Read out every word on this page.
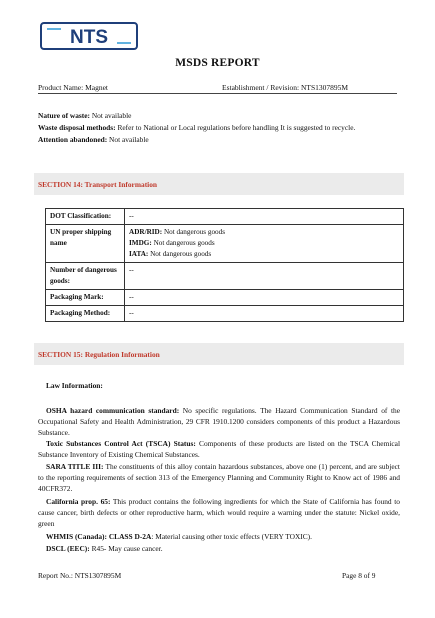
NTS
MSDS REPORT
Product Name: Magnet	Establishment / Revision: NTS1307895M
Nature of waste: Not available
Waste disposal methods: Refer to National or Local regulations before handling It is suggested to recycle.
Attention abandoned: Not available
SECTION 14: Transport Information
DOT Classification:	--
UN proper shipping name	ADR/RID: Not dangerous goods
IMDG: Not dangerous goods
IATA: Not dangerous goods

Number of dangerous goods:	--
Packaging Mark:	--
Packaging Method:	--
SECTION 15: Regulation Information
Law Information:
OSHA hazard communication standard: No specific regulations. The Hazard Communication Standard of the Occupational Safety and Health Administration, 29 CFR 1910.1200 considers components of this product a Hazardous Substance.
Toxic Substances Control Act (TSCA) Status: Components of these products are listed on the TSCA Chemical Substance Inventory of Existing Chemical Substances.
SARA TITLE III: The constituents of this alloy contain hazardous substances, above one (1) percent, and are subject to the reporting requirements of section 313 of the Emergency Planning and Community Right to Know act of 1986 and 40CFR372.
California prop. 65: This product contains the following ingredients for which the State of California has found to cause cancer, birth defects or other reproductive harm, which would require a warning under the statute: Nickel oxide, green
WHMIS (Canada): CLASS D-2A: Material causing other toxic effects (VERY TOXIC).
DSCL (EEC): R45- May cause cancer.
Report No.: NTS1307895M	Page 8 of 9
